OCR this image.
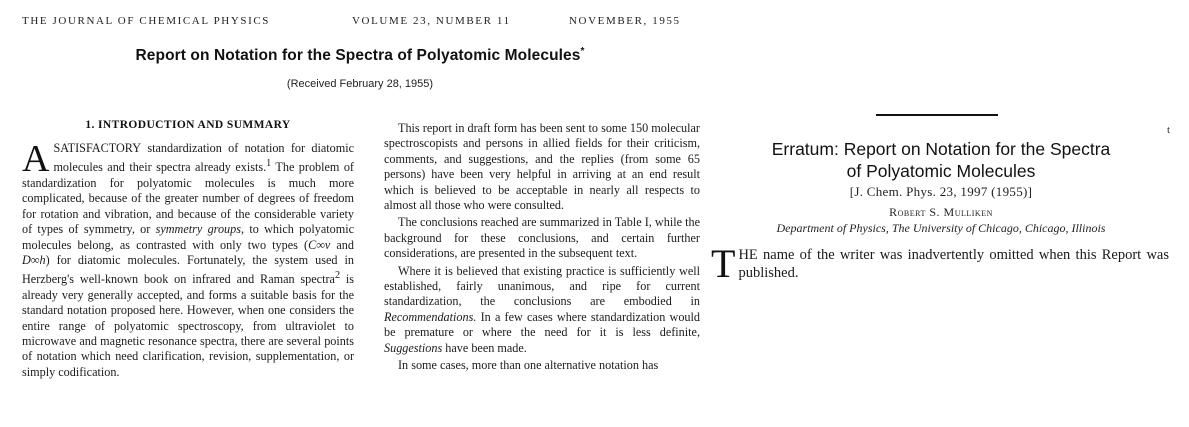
THE JOURNAL OF CHEMICAL PHYSICS	VOLUME 23, NUMBER 11	NOVEMBER, 1955
Report on Notation for the Spectra of Polyatomic Molecules*
(Received February 28, 1955)
1. INTRODUCTION AND SUMMARY

ASATISFACTORY standardization of notation for diatomic molecules and their spectra already exists.$^1$ The problem of standardization for polyatomic molecules is much more complicated, because of the greater number of degrees of freedom for rotation and vibration, and because of the considerable variety of types of symmetry, or symmetry groups, to which polyatomic molecules belong, as contrasted with only two types (C∞v and D∞h) for diatomic molecules. Fortunately, the system used in Herzberg's well-known book on infrared and Raman spectra$^2$ is already very generally accepted, and forms a suitable basis for the standard notation proposed here. However, when one considers the entire range of polyatomic spectroscopy, from ultraviolet to microwave and magnetic resonance spectra, there are several points of notation which need clarification, revision, supplementation, or simply codification.

This report in draft form has been sent to some 150 molecular spectroscopists and persons in allied fields for their criticism, comments, and suggestions, and the replies (from some 65 persons) have been very helpful in arriving at an end result which is believed to be acceptable in nearly all respects to almost all those who were consulted.

The conclusions reached are summarized in Table I, while the background for these conclusions, and certain further considerations, are presented in the subsequent text.

Where it is believed that existing practice is sufficiently well established, fairly unanimous, and ripe for current standardization, the conclusions are embodied in Recommendations. In a few cases where standardization would be premature or where the need for it is less definite, Suggestions have been made.

In some cases, more than one alternative notation has

t
Erratum: Report on Notation for the Spectra
of Polyatomic Molecules
[J. Chem. Phys. 23, 1997 (1955)]
Robert S. Mulliken
Department of Physics, The University of Chicago, Chicago, Illinois
THE name of the writer was inadvertently omitted when this Report was published.
